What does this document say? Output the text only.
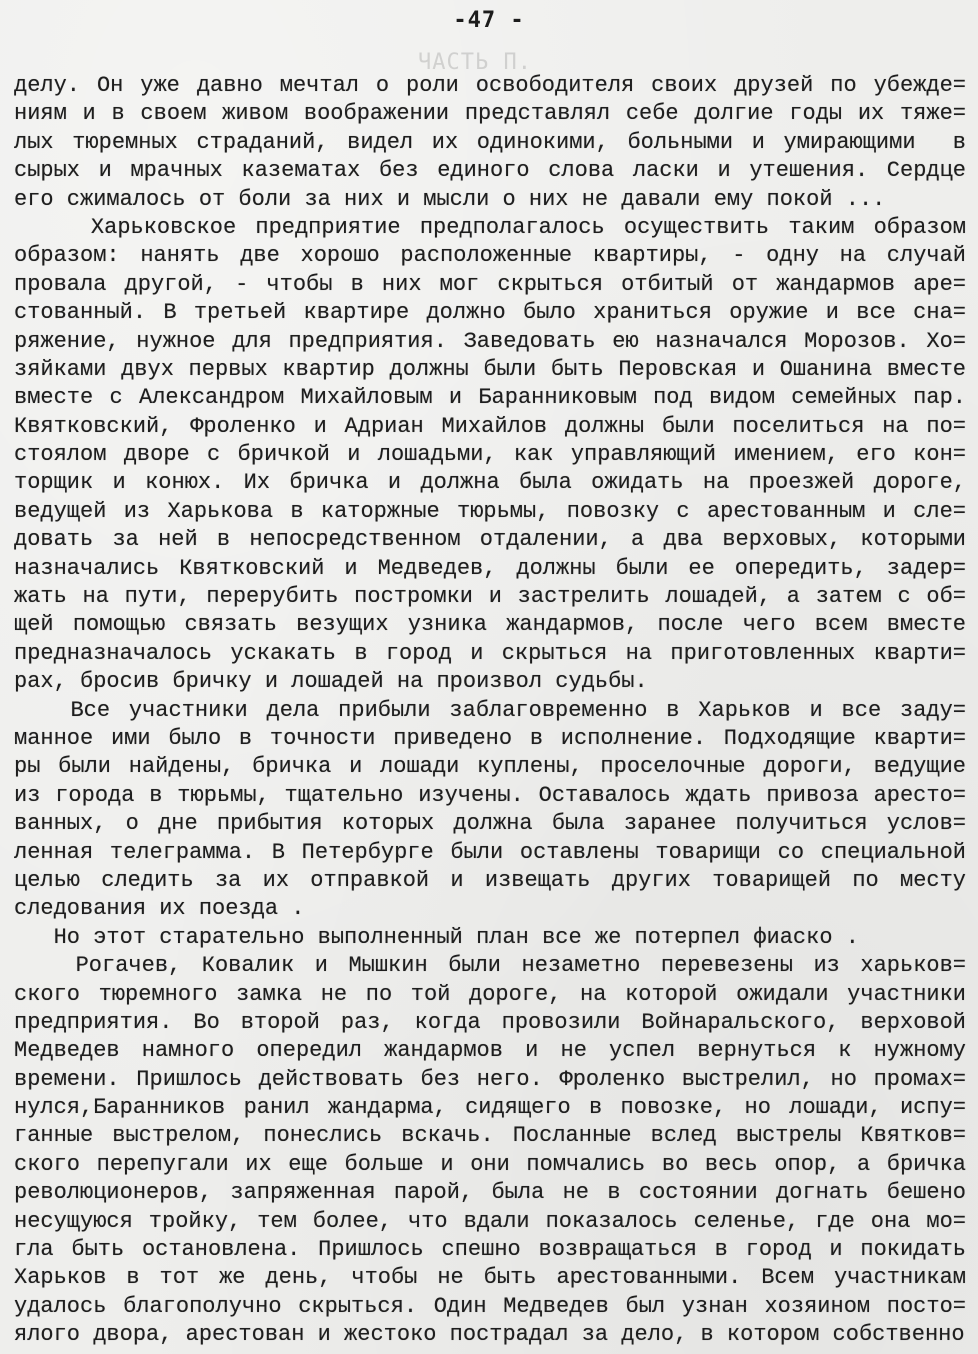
ЧАСТЬ П.
-47 -
делу. Он уже давно мечтал о роли освободителя своих друзей по убежде=
ниям и в своем живом воображении представлял себе долгие годы их тяже=
лых тюремных страданий, видел их одинокими, больными и умирающими  в
сырых и мрачных казематах без единого слова ласки и утешения. Сердце
его сжималось от боли за них и мысли о них не давали ему покой ...
Харьковское предприятие предполагалось осуществить таким образом
образом: нанять две хорошо расположенные квартиры, - одну на случай
провала другой, - чтобы в них мог скрыться отбитый от жандармов аре=
стованный. В третьей квартире должно было храниться оружие и все сна=
ряжение, нужное для предприятия. Заведовать ею назначался Морозов. Хо=
зяйками двух первых квартир должны были быть Перовская и Ошанина вместе
вместе с Александром Михайловым и Баранниковым под видом семейных пар.
Квятковский, Фроленко и Адриан Михайлов должны были поселиться на по=
стоялом дворе с бричкой и лошадьми, как управляющий имением, его кон=
торщик и конюх. Их бричка и должна была ожидать на проезжей дороге,
ведущей из Харькова в каторжные тюрьмы, повозку с арестованным и сле=
довать за ней в непосредственном отдалении, а два верховых, которыми
назначались Квятковский и Медведев, должны были ее опередить, задер=
жать на пути, перерубить постромки и застрелить лошадей, а затем с об=
щей помощью связать везущих узника жандармов, после чего всем вместе
предназначалось ускакать в город и скрыться на приготовленных кварти=
рах, бросив бричку и лошадей на произвол судьбы.
Все участники дела прибыли заблаговременно в Харьков и все заду=
манное ими было в точности приведено в исполнение. Подходящие кварти=
ры были найдены, бричка и лошади куплены, проселочные дороги, ведущие
из города в тюрьмы, тщательно изучены. Оставалось ждать привоза аресто=
ванных, о дне прибытия которых должна была заранее получиться услов=
ленная телеграмма. В Петербурге были оставлены товарищи со специальной
целью следить за их отправкой и извещать других товарищей по месту
следования их поезда .
Но этот старательно выполненный план все же потерпел фиаско .
Рогачев, Ковалик и Мышкин были незаметно перевезены из харьков=
ского тюремного замка не по той дороге, на которой ожидали участники
предприятия. Во второй раз, когда провозили Войнаральского, верховой
Медведев намного опередил жандармов и не успел вернуться к нужному
времени. Пришлось действовать без него. Фроленко выстрелил, но промах=
нулся,Баранников ранил жандарма, сидящего в повозке, но лошади, испу=
ганные выстрелом, понеслись вскачь. Посланные вслед выстрелы Квятков=
ского перепугали их еще больше и они помчались во весь опор, а бричка
революционеров, запряженная парой, была не в состоянии догнать бешено
несущуюся тройку, тем более, что вдали показалось селенье, где она мо=
гла быть остановлена. Пришлось спешно возвращаться в город и покидать
Харьков в тот же день, чтобы не быть арестованными. Всем участникам
удалось благополучно скрыться. Один Медведев был узнан хозяином посто=
ялого двора, арестован и жестоко пострадал за дело, в котором собственно
